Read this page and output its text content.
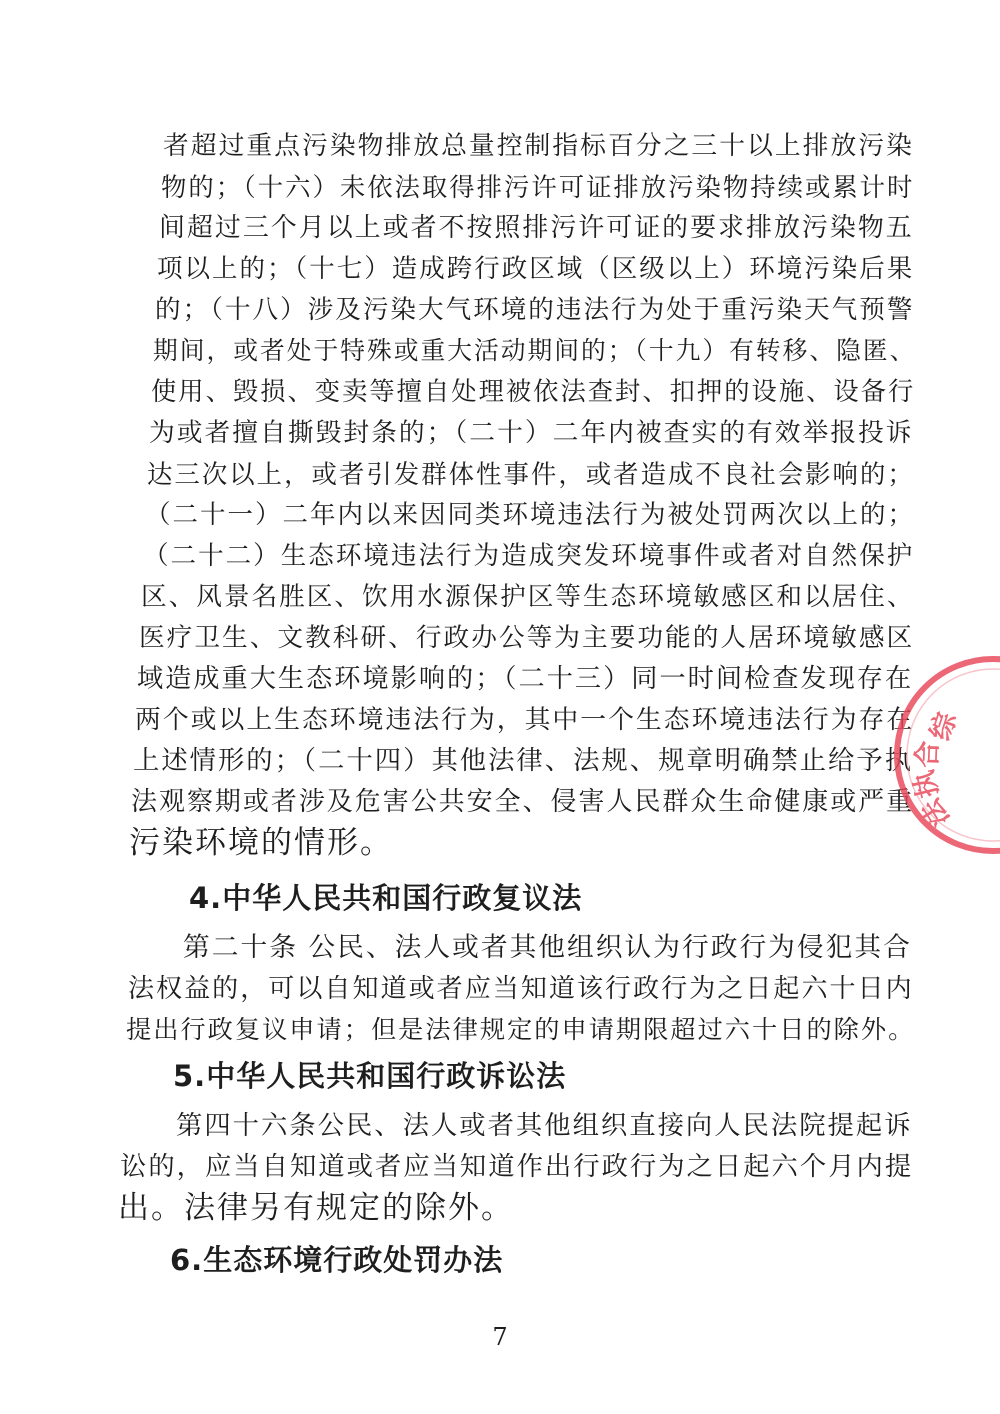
者超过重点污染物排放总量控制指标百分之三十以上排放污染
物的；（十六）未依法取得排污许可证排放污染物持续或累计时
间超过三个月以上或者不按照排污许可证的要求排放污染物五
项以上的；（十七）造成跨行政区域（区级以上）环境污染后果
的；（十八）涉及污染大气环境的违法行为处于重污染天气预警
期间，或者处于特殊或重大活动期间的；（十九）有转移、隐匿、
使用、毁损、变卖等擅自处理被依法查封、扣押的设施、设备行
为或者擅自撕毁封条的；（二十）二年内被查实的有效举报投诉
达三次以上，或者引发群体性事件，或者造成不良社会影响的；
（二十一）二年内以来因同类环境违法行为被处罚两次以上的；
（二十二）生态环境违法行为造成突发环境事件或者对自然保护
区、风景名胜区、饮用水源保护区等生态环境敏感区和以居住、
医疗卫生、文教科研、行政办公等为主要功能的人居环境敏感区
域造成重大生态环境影响的；（二十三）同一时间检查发现存在
两个或以上生态环境违法行为，其中一个生态环境违法行为存在
上述情形的；（二十四）其他法律、法规、规章明确禁止给予执
法观察期或者涉及危害公共安全、侵害人民群众生命健康或严重
污染环境的情形。
4.中华人民共和国行政复议法
第二十条 公民、法人或者其他组织认为行政行为侵犯其合
法权益的，可以自知道或者应当知道该行政行为之日起六十日内
提出行政复议申请；但是法律规定的申请期限超过六十日的除外。
5.中华人民共和国行政诉讼法
第四十六条公民、法人或者其他组织直接向人民法院提起诉
讼的，应当自知道或者应当知道作出行政行为之日起六个月内提
出。法律另有规定的除外。
6.生态环境行政处罚办法
7
综
合
执
法
